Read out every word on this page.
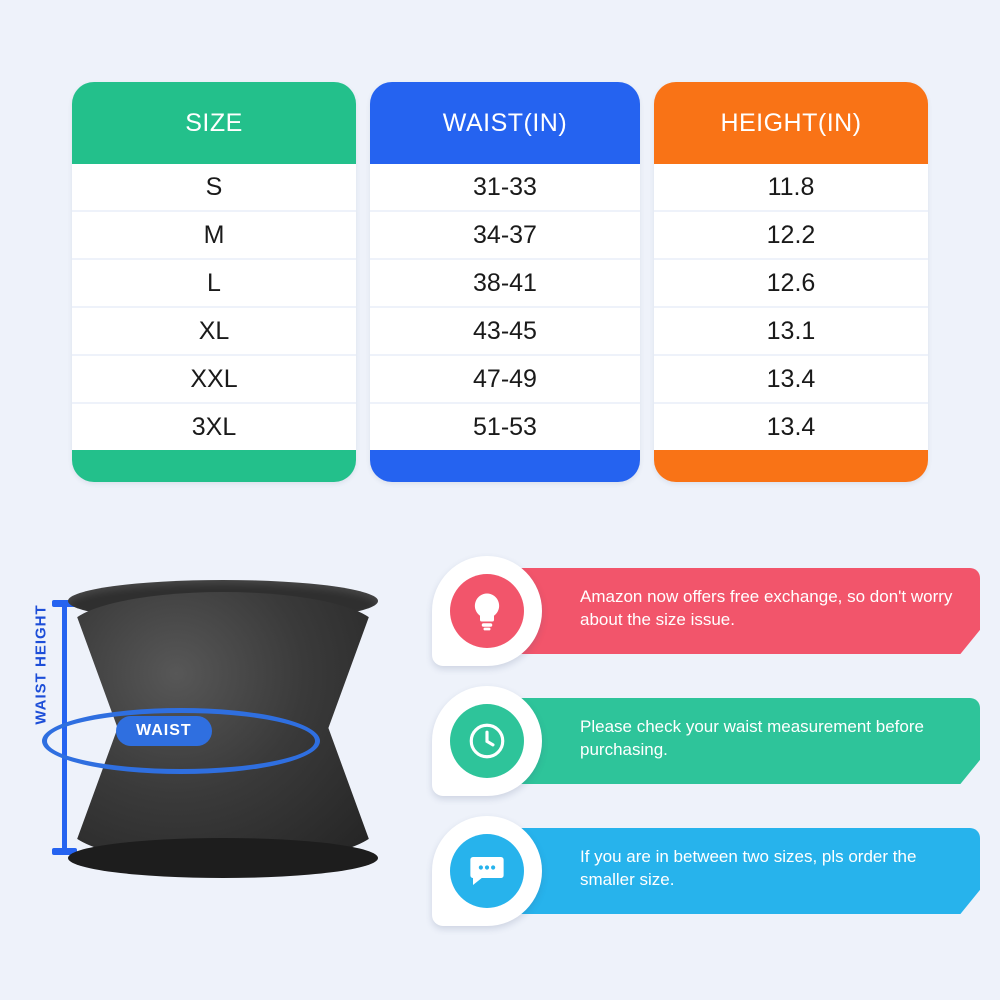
SIZE
S
M
L
XL
XXL
3XL
WAIST(IN)
31-33
34-37
38-41
43-45
47-49
51-53
HEIGHT(IN)
11.8
12.2
12.6
13.1
13.4
13.4
WAIST HEIGHT
WAIST
Amazon now offers free exchange, so don't worry about the size issue.
Please check your waist measurement before purchasing.
If you are in between two sizes, pls order the smaller size.
